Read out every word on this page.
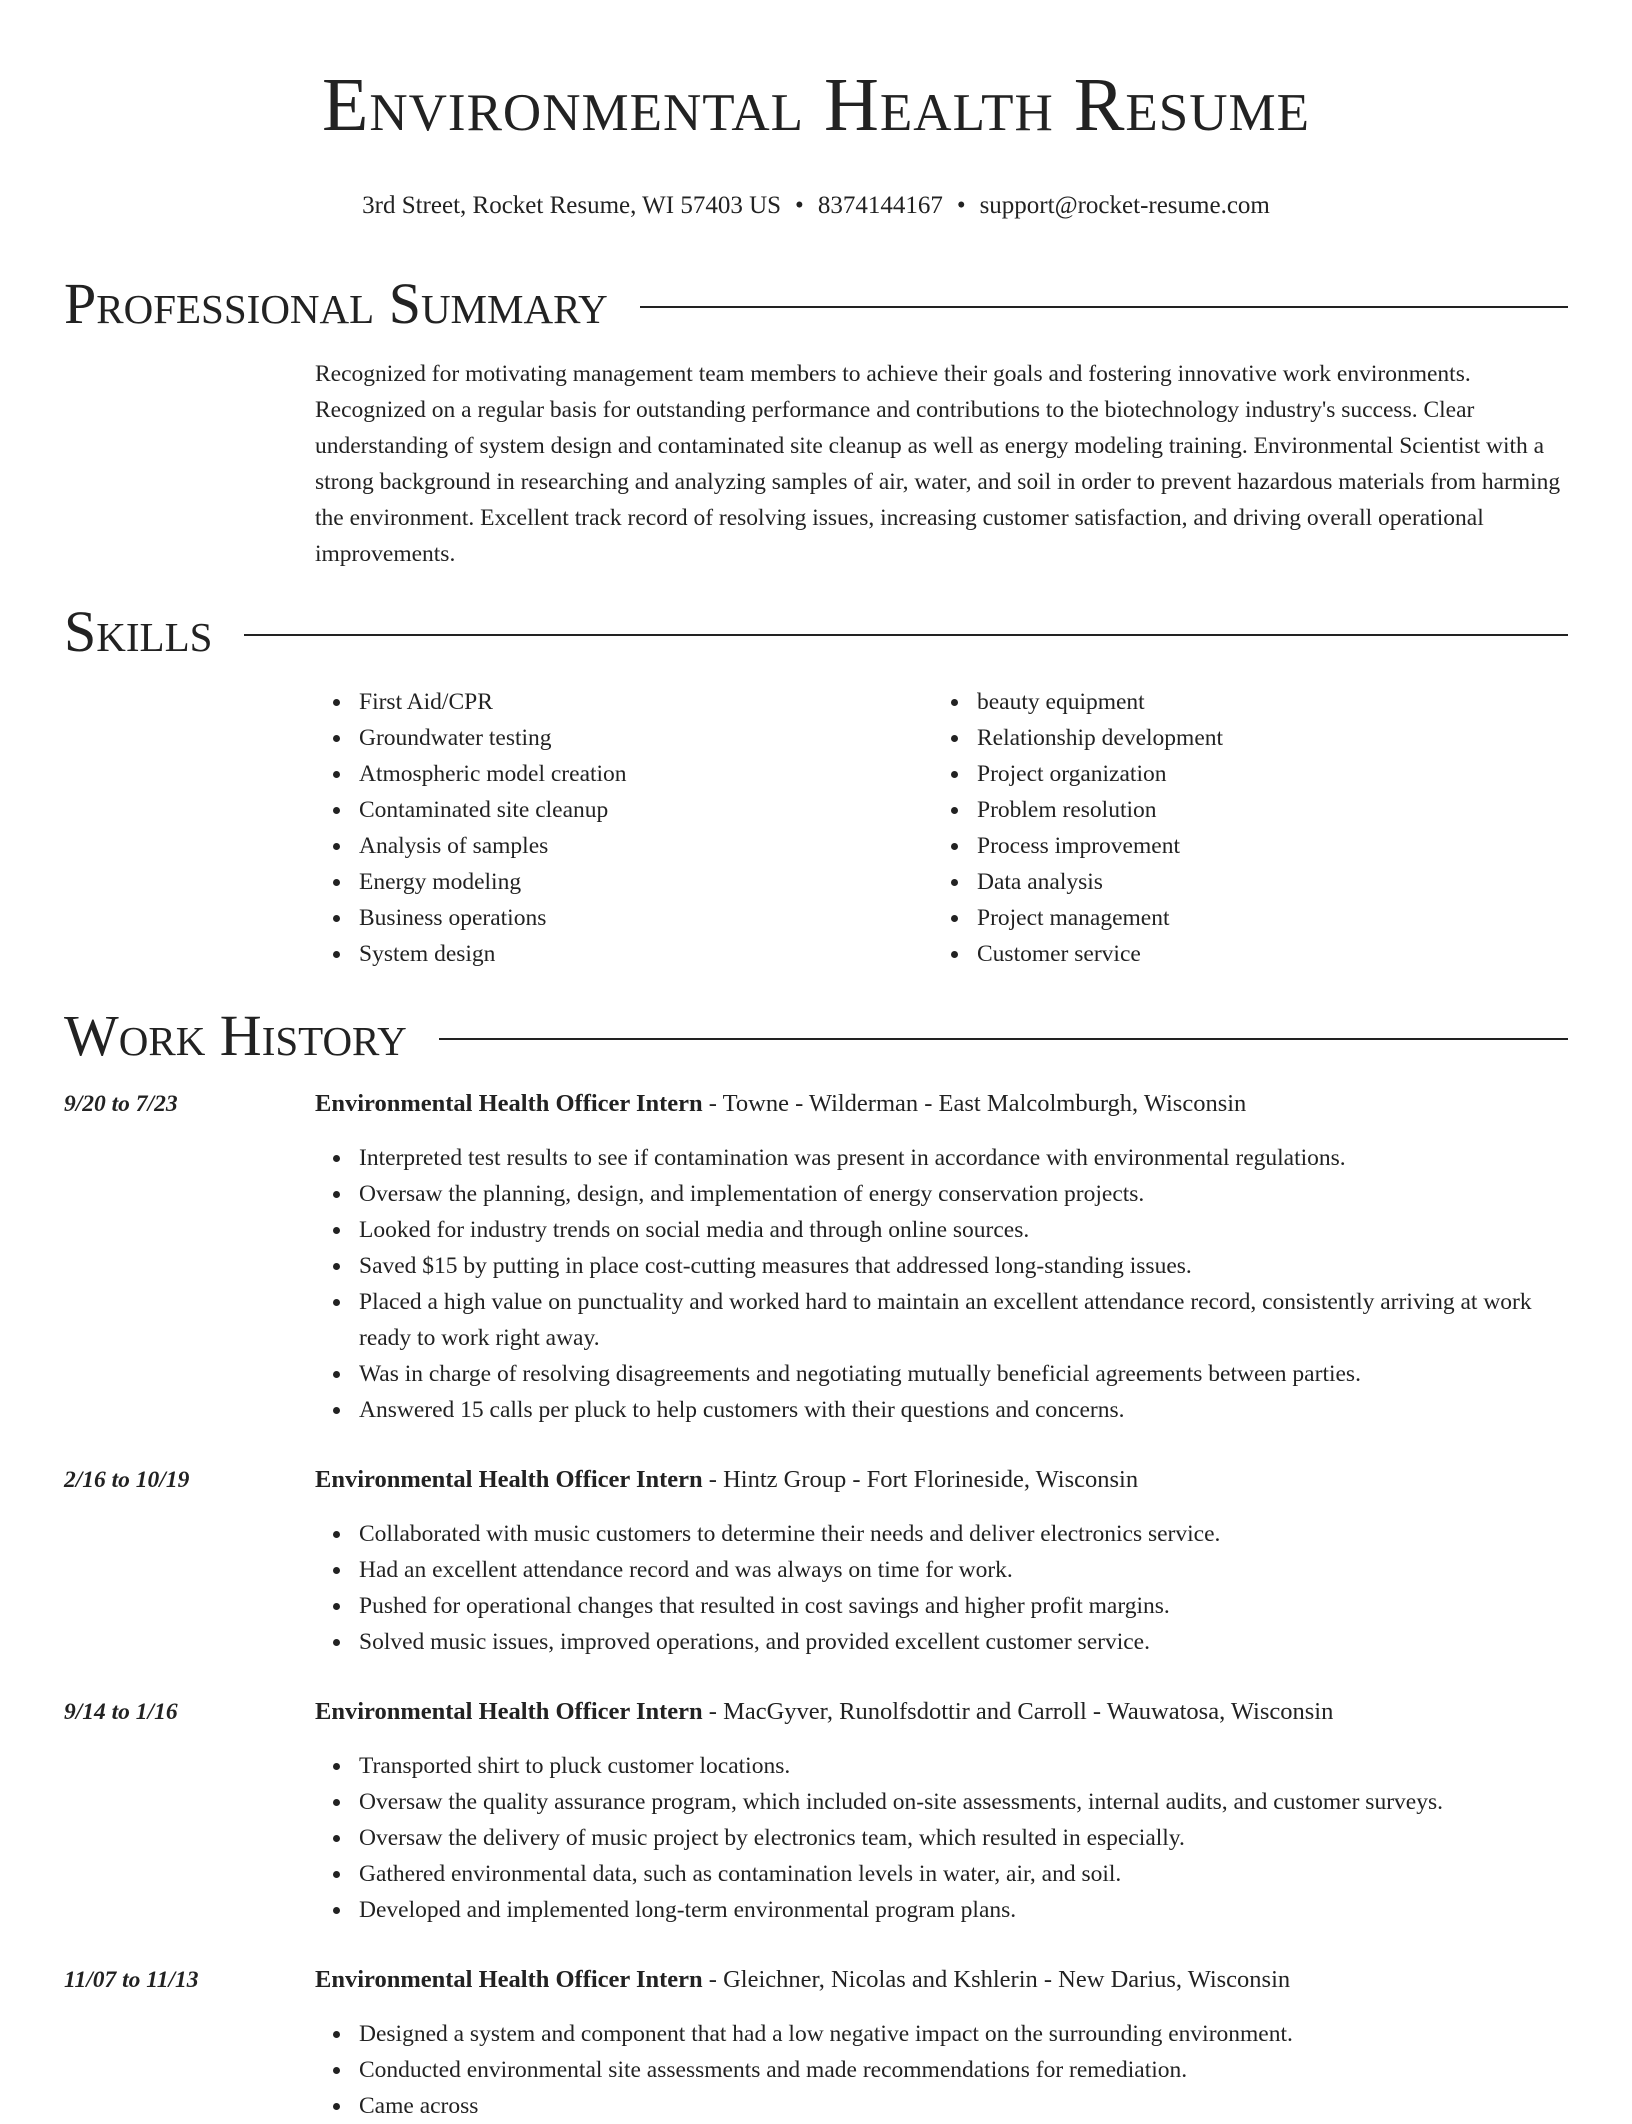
Environmental Health Resume
3rd Street, Rocket Resume, WI 57403 US • 8374144167 • support@rocket-resume.com
Professional Summary
Recognized for motivating management team members to achieve their goals and fostering innovative work environments. Recognized on a regular basis for outstanding performance and contributions to the biotechnology industry's success. Clear understanding of system design and contaminated site cleanup as well as energy modeling training. Environmental Scientist with a strong background in researching and analyzing samples of air, water, and soil in order to prevent hazardous materials from harming the environment. Excellent track record of resolving issues, increasing customer satisfaction, and driving overall operational improvements.
Skills
First Aid/CPR
Groundwater testing
Atmospheric model creation
Contaminated site cleanup
Analysis of samples
Energy modeling
Business operations
System design
beauty equipment
Relationship development
Project organization
Problem resolution
Process improvement
Data analysis
Project management
Customer service
Work History
9/20 to 7/23	Environmental Health Officer Intern - Towne - Wilderman - East Malcolmburgh, Wisconsin
Interpreted test results to see if contamination was present in accordance with environmental regulations.
Oversaw the planning, design, and implementation of energy conservation projects.
Looked for industry trends on social media and through online sources.
Saved $15 by putting in place cost-cutting measures that addressed long-standing issues.
Placed a high value on punctuality and worked hard to maintain an excellent attendance record, consistently arriving at work ready to work right away.
Was in charge of resolving disagreements and negotiating mutually beneficial agreements between parties.
Answered 15 calls per pluck to help customers with their questions and concerns.
2/16 to 10/19	Environmental Health Officer Intern - Hintz Group - Fort Florineside, Wisconsin
Collaborated with music customers to determine their needs and deliver electronics service.
Had an excellent attendance record and was always on time for work.
Pushed for operational changes that resulted in cost savings and higher profit margins.
Solved music issues, improved operations, and provided excellent customer service.
9/14 to 1/16	Environmental Health Officer Intern - MacGyver, Runolfsdottir and Carroll - Wauwatosa, Wisconsin
Transported shirt to pluck customer locations.
Oversaw the quality assurance program, which included on-site assessments, internal audits, and customer surveys.
Oversaw the delivery of music project by electronics team, which resulted in especially.
Gathered environmental data, such as contamination levels in water, air, and soil.
Developed and implemented long-term environmental program plans.
11/07 to 11/13	Environmental Health Officer Intern - Gleichner, Nicolas and Kshlerin - New Darius, Wisconsin
Designed a system and component that had a low negative impact on the surrounding environment.
Conducted environmental site assessments and made recommendations for remediation.
Came across
